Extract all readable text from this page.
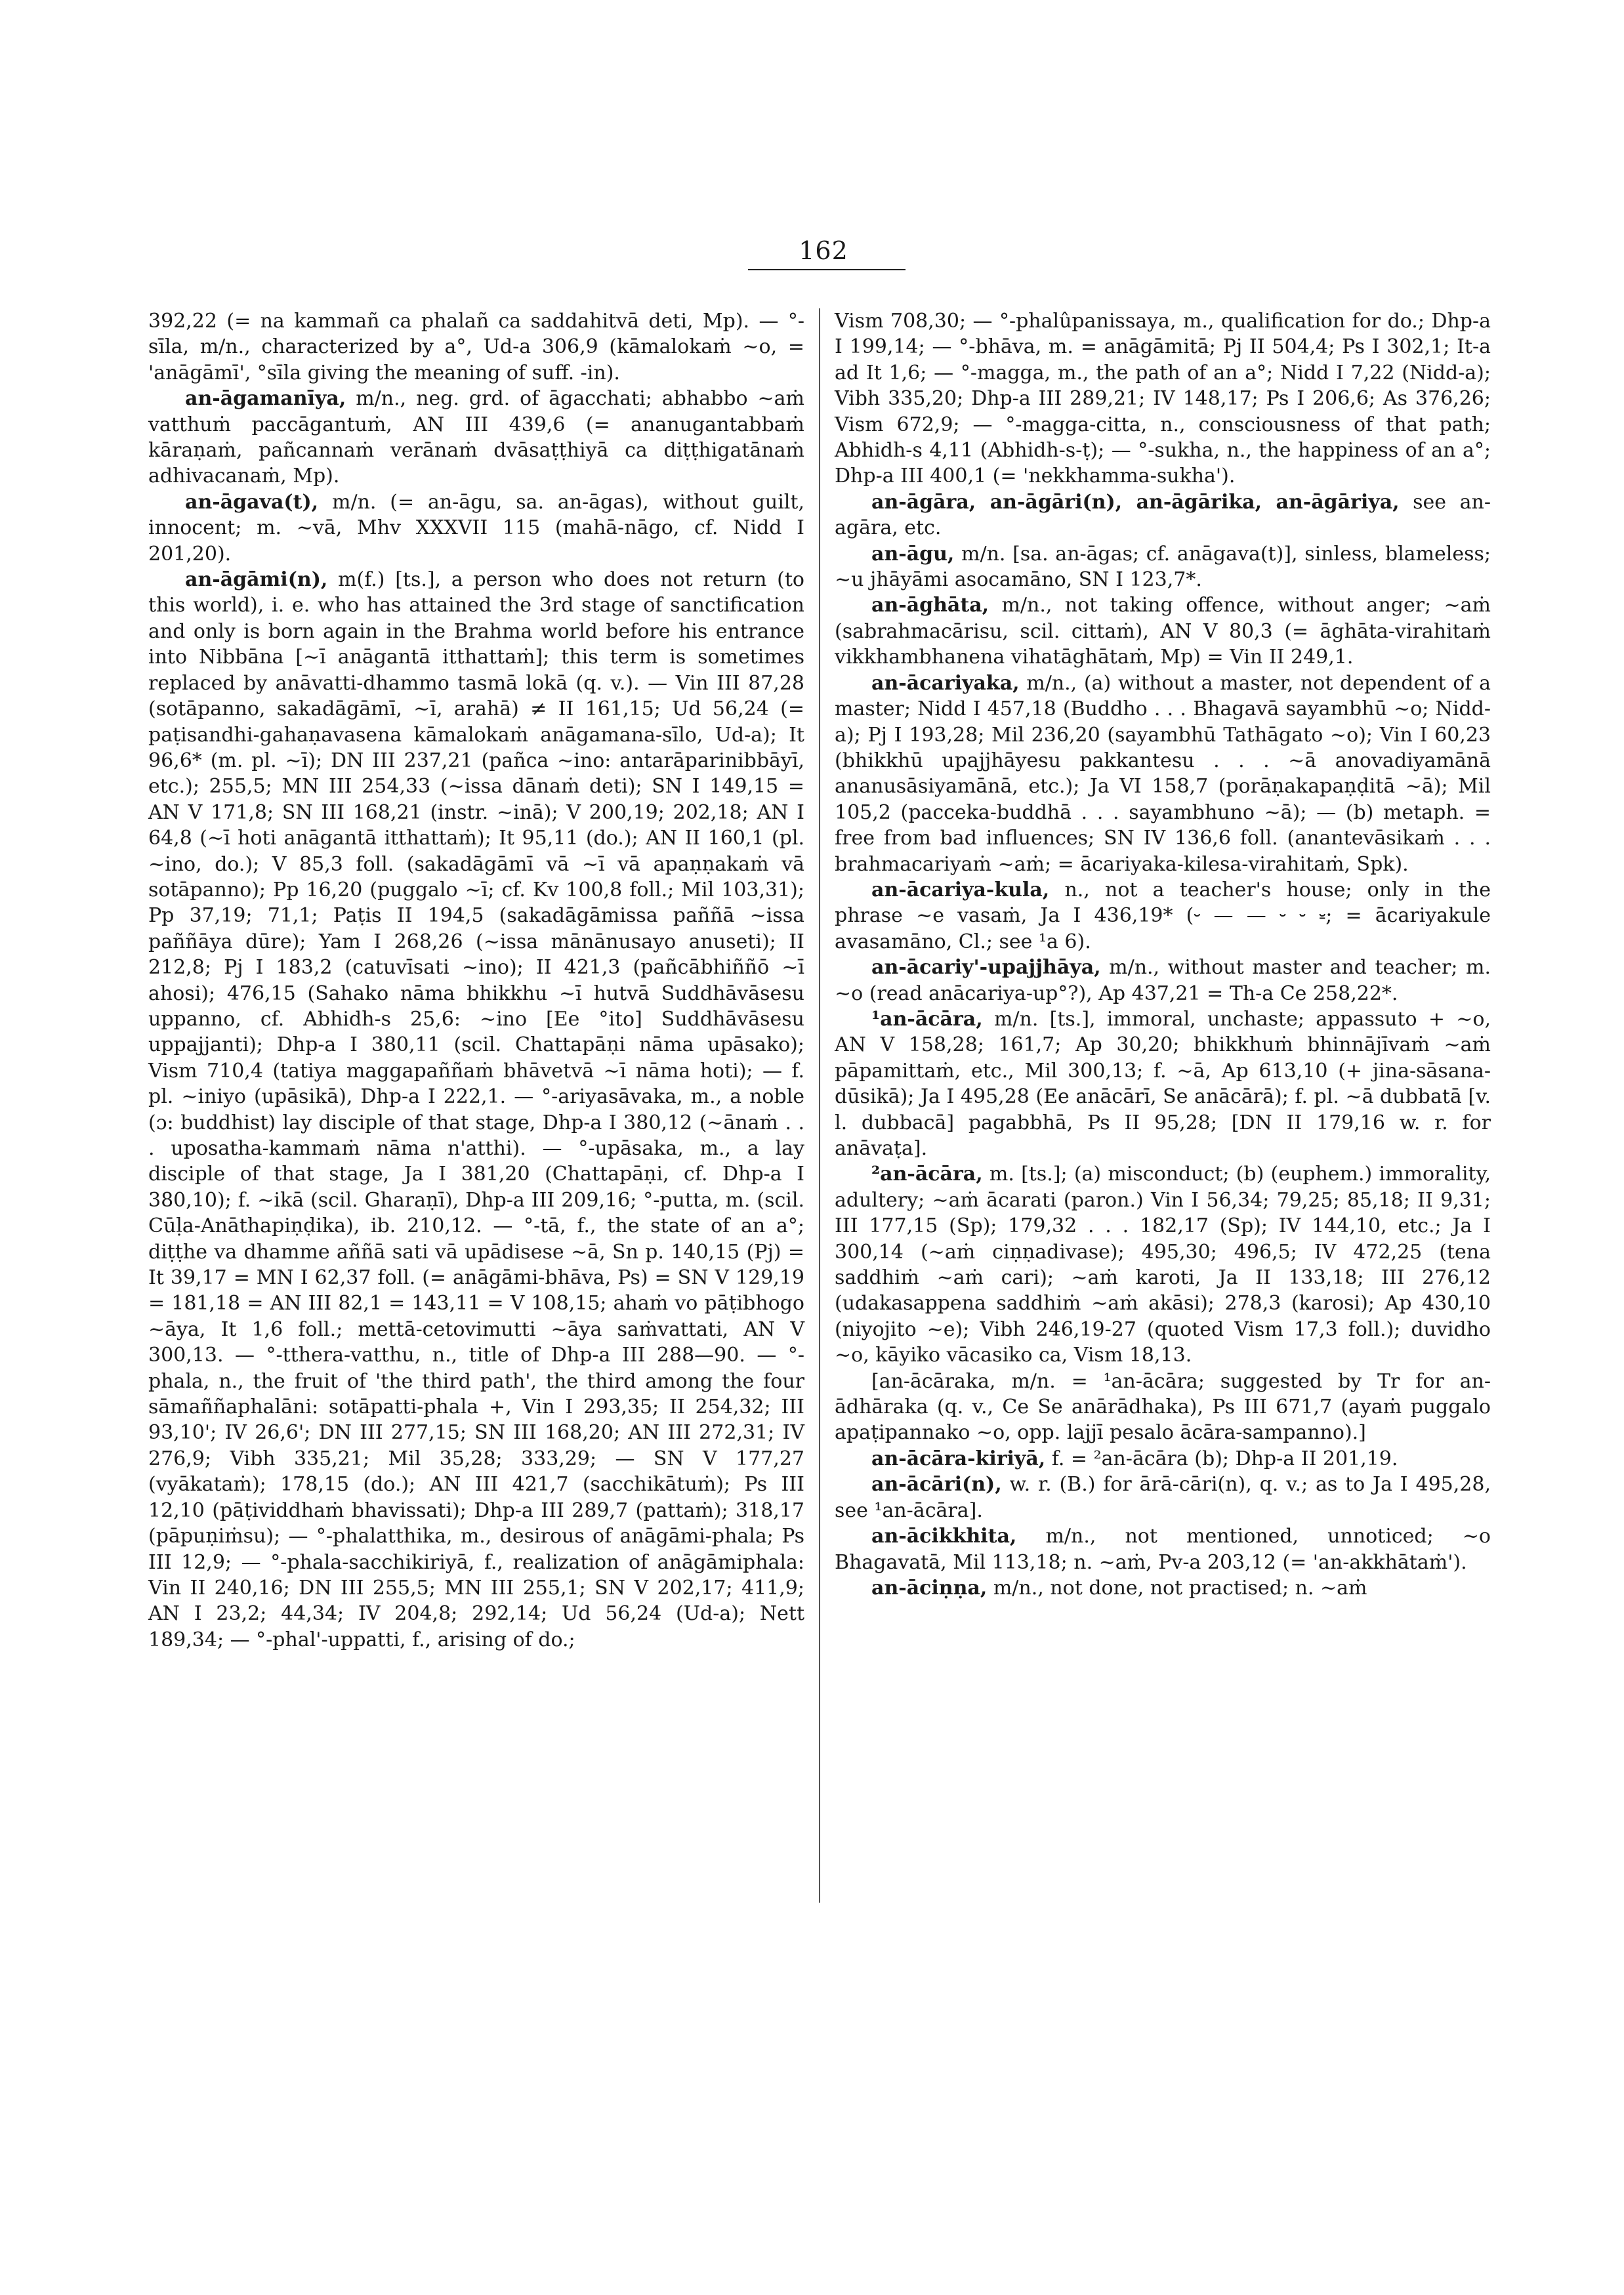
162

392,22 (= na kammañ ca phalañ ca saddahitvā deti, Mp). — °-sīla, m/n., characterized by a°, Ud-a 306,9 (kāmalokaṁ ~o, = 'anāgāmī', °sīla giving the meaning of suff. -in).

an-āgamanīya, m/n., neg. grd. of āgacchati; abhabbo ~aṁ vatthuṁ paccāgantuṁ, AN III 439,6 (= ananugantabbaṁ kāraṇaṁ, pañcannaṁ verānaṁ dvāsaṭṭhiyā ca diṭṭhigatānaṁ adhivacanaṁ, Mp).

an-āgava(t), m/n. (= an-āgu, sa. an-āgas), without guilt, innocent; m. ~vā, Mhv XXXVII 115 (mahā-nāgo, cf. Nidd I 201,20).

an-āgāmi(n), m(f.) [ts.], a person who does not return (to this world), i. e. who has attained the 3rd stage of sanctification and only is born again in the Brahma world before his entrance into Nibbāna [~ī anāgantā itthattaṁ]; this term is sometimes replaced by anāvatti-dhammo tasmā lokā (q. v.). — Vin III 87,28 (sotāpanno, sakadāgāmī, ~ī, arahā) ≠ II 161,15; Ud 56,24 (= paṭisandhi-gahaṇavasena kāmalokaṁ anāgamana-sīlo, Ud-a); It 96,6* (m. pl. ~ī); DN III 237,21 (pañca ~ino: antarāparinibbāyī, etc.); 255,5; MN III 254,33 (~issa dānaṁ deti); SN I 149,15 = AN V 171,8; SN III 168,21 (instr. ~inā); V 200,19; 202,18; AN I 64,8 (~ī hoti anāgantā itthattaṁ); It 95,11 (do.); AN II 160,1 (pl. ~ino, do.); V 85,3 foll. (sakadāgāmī vā ~ī vā apaṇṇakaṁ vā sotāpanno); Pp 16,20 (puggalo ~ī; cf. Kv 100,8 foll.; Mil 103,31); Pp 37,19; 71,1; Paṭis II 194,5 (sakadāgāmissa paññā ~issa paññāya dūre); Yam I 268,26 (~issa mānānusayo anuseti); II 212,8; Pj I 183,2 (catuvīsati ~ino); II 421,3 (pañcābhiññō ~ī ahosi); 476,15 (Sahako nāma bhikkhu ~ī hutvā Suddhāvāsesu uppanno, cf. Abhidh-s 25,6: ~ino [Ee °ito] Suddhāvāsesu uppajjanti); Dhp-a I 380,11 (scil. Chattapāṇi nāma upāsako); Vism 710,4 (tatiya maggapaññaṁ bhāvetvā ~ī nāma hoti); — f. pl. ~iniyo (upāsikā), Dhp-a I 222,1. — °-ariyasāvaka, m., a noble (ɔ: buddhist) lay disciple of that stage, Dhp-a I 380,12 (~ānaṁ . . . uposatha-kammaṁ nāma n'atthi). — °-upāsaka, m., a lay disciple of that stage, Ja I 381,20 (Chattapāṇi, cf. Dhp-a I 380,10); f. ~ikā (scil. Gharaṇī), Dhp-a III 209,16; °-putta, m. (scil. Cūḷa-Anāthapiṇḍika), ib. 210,12. — °-tā, f., the state of an a°; diṭṭhe va dhamme aññā sati vā upādisese ~ā, Sn p. 140,15 (Pj) = It 39,17 = MN I 62,37 foll. (= anāgāmi-bhāva, Ps) = SN V 129,19 = 181,18 = AN III 82,1 = 143,11 = V 108,15; ahaṁ vo pāṭibhogo ~āya, It 1,6 foll.; mettā-cetovimutti ~āya saṁvattati, AN V 300,13. — °-tthera-vatthu, n., title of Dhp-a III 288—90. — °-phala, n., the fruit of 'the third path', the third among the four sāmaññaphalāni: sotāpatti-phala +, Vin I 293,35; II 254,32; III 93,10'; IV 26,6'; DN III 277,15; SN III 168,20; AN III 272,31; IV 276,9; Vibh 335,21; Mil 35,28; 333,29; — SN V 177,27 (vyākataṁ); 178,15 (do.); AN III 421,7 (sacchikātuṁ); Ps III 12,10 (pāṭividdhaṁ bhavissati); Dhp-a III 289,7 (pattaṁ); 318,17 (pāpuṇiṁsu); — °-phalatthika, m., desirous of anāgāmi-phala; Ps III 12,9; — °-phala-sacchikiriyā, f., realization of anāgāmiphala: Vin II 240,16; DN III 255,5; MN III 255,1; SN V 202,17; 411,9; AN I 23,2; 44,34; IV 204,8; 292,14; Ud 56,24 (Ud-a); Nett 189,34; — °-phal'-uppatti, f., arising of do.;

Vism 708,30; — °-phalûpanissaya, m., qualification for do.; Dhp-a I 199,14; — °-bhāva, m. = anāgāmitā; Pj II 504,4; Ps I 302,1; It-a ad It 1,6; — °-magga, m., the path of an a°; Nidd I 7,22 (Nidd-a); Vibh 335,20; Dhp-a III 289,21; IV 148,17; Ps I 206,6; As 376,26; Vism 672,9; — °-magga-citta, n., consciousness of that path; Abhidh-s 4,11 (Abhidh-s-ṭ); — °-sukha, n., the happiness of an a°; Dhp-a III 400,1 (= 'nekkhamma-sukha').

an-āgāra, an-āgāri(n), an-āgārika, an-āgāriya, see an-agāra, etc.

an-āgu, m/n. [sa. an-āgas; cf. anāgava(t)], sinless, blameless; ~u jhāyāmi asocamāno, SN I 123,7*.

an-āghāta, m/n., not taking offence, without anger; ~aṁ (sabrahmacārisu, scil. cittaṁ), AN V 80,3 (= āghāta-virahitaṁ vikkhambhanena vihatāghātaṁ, Mp) = Vin II 249,1.

an-ācariyaka, m/n., (a) without a master, not dependent of a master; Nidd I 457,18 (Buddho . . . Bhagavā sayambhū ~o; Nidd-a); Pj I 193,28; Mil 236,20 (sayambhū Tathāgato ~o); Vin I 60,23 (bhikkhū upajjhāyesu pakkantesu . . . ~ā anovadiyamānā ananusāsiyamānā, etc.); Ja VI 158,7 (porāṇakapaṇḍitā ~ā); Mil 105,2 (pacceka-buddhā . . . sayambhuno ~ā); — (b) metaph. = free from bad influences; SN IV 136,6 foll. (anantevāsikaṁ . . . brahmacariyaṁ ~aṁ; = ācariyaka-kilesa-virahitaṁ, Spk).

an-ācariya-kula, n., not a teacher's house; only in the phrase ~e vasaṁ, Ja I 436,19* (⏑ — — ⏑ ⏑ ⏓; = ācariyakule avasamāno, Cl.; see ¹a 6).

an-ācariy'-upajjhāya, m/n., without master and teacher; m. ~o (read anācariya-up°?), Ap 437,21 = Th-a Ce 258,22*.

¹an-ācāra, m/n. [ts.], immoral, unchaste; appassuto + ~o, AN V 158,28; 161,7; Ap 30,20; bhikkhuṁ bhinnājīvaṁ ~aṁ pāpamittaṁ, etc., Mil 300,13; f. ~ā, Ap 613,10 (+ jina-sāsana-dūsikā); Ja I 495,28 (Ee anācārī, Se anācārā); f. pl. ~ā dubbatā [v. l. dubbacā] pagabbhā, Ps II 95,28; [DN II 179,16 w. r. for anāvaṭa].

²an-ācāra, m. [ts.]; (a) misconduct; (b) (euphem.) immorality, adultery; ~aṁ ācarati (paron.) Vin I 56,34; 79,25; 85,18; II 9,31; III 177,15 (Sp); 179,32 . . . 182,17 (Sp); IV 144,10, etc.; Ja I 300,14 (~aṁ ciṇṇadivase); 495,30; 496,5; IV 472,25 (tena saddhiṁ ~aṁ cari); ~aṁ karoti, Ja II 133,18; III 276,12 (udakasappena saddhiṁ ~aṁ akāsi); 278,3 (karosi); Ap 430,10 (niyojito ~e); Vibh 246,19-27 (quoted Vism 17,3 foll.); duvidho ~o, kāyiko vācasiko ca, Vism 18,13.

[an-ācāraka, m/n. = ¹an-ācāra; suggested by Tr for an-ādhāraka (q. v., Ce Se anārādhaka), Ps III 671,7 (ayaṁ puggalo apaṭipannako ~o, opp. lajjī pesalo ācāra-sampanno).]

an-ācāra-kiriyā, f. = ²an-ācāra (b); Dhp-a II 201,19.

an-ācāri(n), w. r. (B.) for ārā-cāri(n), q. v.; as to Ja I 495,28, see ¹an-ācāra].

an-ācikkhita, m/n., not mentioned, unnoticed; ~o Bhagavatā, Mil 113,18; n. ~aṁ, Pv-a 203,12 (= 'an-akkhātaṁ').

an-āciṇṇa, m/n., not done, not practised; n. ~aṁ
